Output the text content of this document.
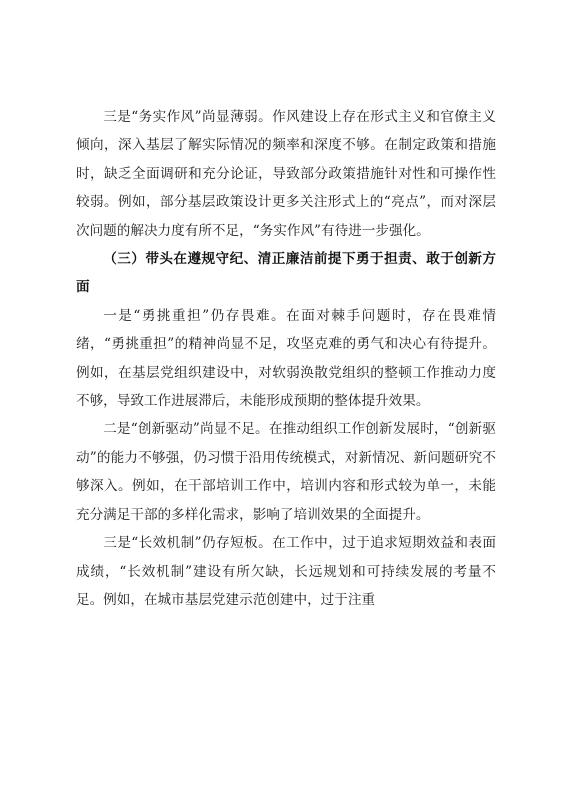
三是“务实作风”尚显薄弱。作风建设上存在形式主义和官僚主义倾向，深入基层了解实际情况的频率和深度不够。在制定政策和措施时，缺乏全面调研和充分论证，导致部分政策措施针对性和可操作性较弱。例如，部分基层政策设计更多关注形式上的“亮点”，而对深层次问题的解决力度有所不足，“务实作风”有待进一步强化。

（三）带头在遵规守纪、清正廉洁前提下勇于担责、敢于创新方面

一是“勇挑重担”仍存畏难。在面对棘手问题时，存在畏难情绪，“勇挑重担”的精神尚显不足，攻坚克难的勇气和决心有待提升。例如，在基层党组织建设中，对软弱涣散党组织的整顿工作推动力度不够，导致工作进展滞后，未能形成预期的整体提升效果。

二是“创新驱动”尚显不足。在推动组织工作创新发展时，“创新驱动”的能力不够强，仍习惯于沿用传统模式，对新情况、新问题研究不够深入。例如，在干部培训工作中，培训内容和形式较为单一，未能充分满足干部的多样化需求，影响了培训效果的全面提升。

三是“长效机制”仍存短板。在工作中，过于追求短期效益和表面成绩，“长效机制”建设有所欠缺，长远规划和可持续发展的考量不足。例如，在城市基层党建示范创建中，过于注重
